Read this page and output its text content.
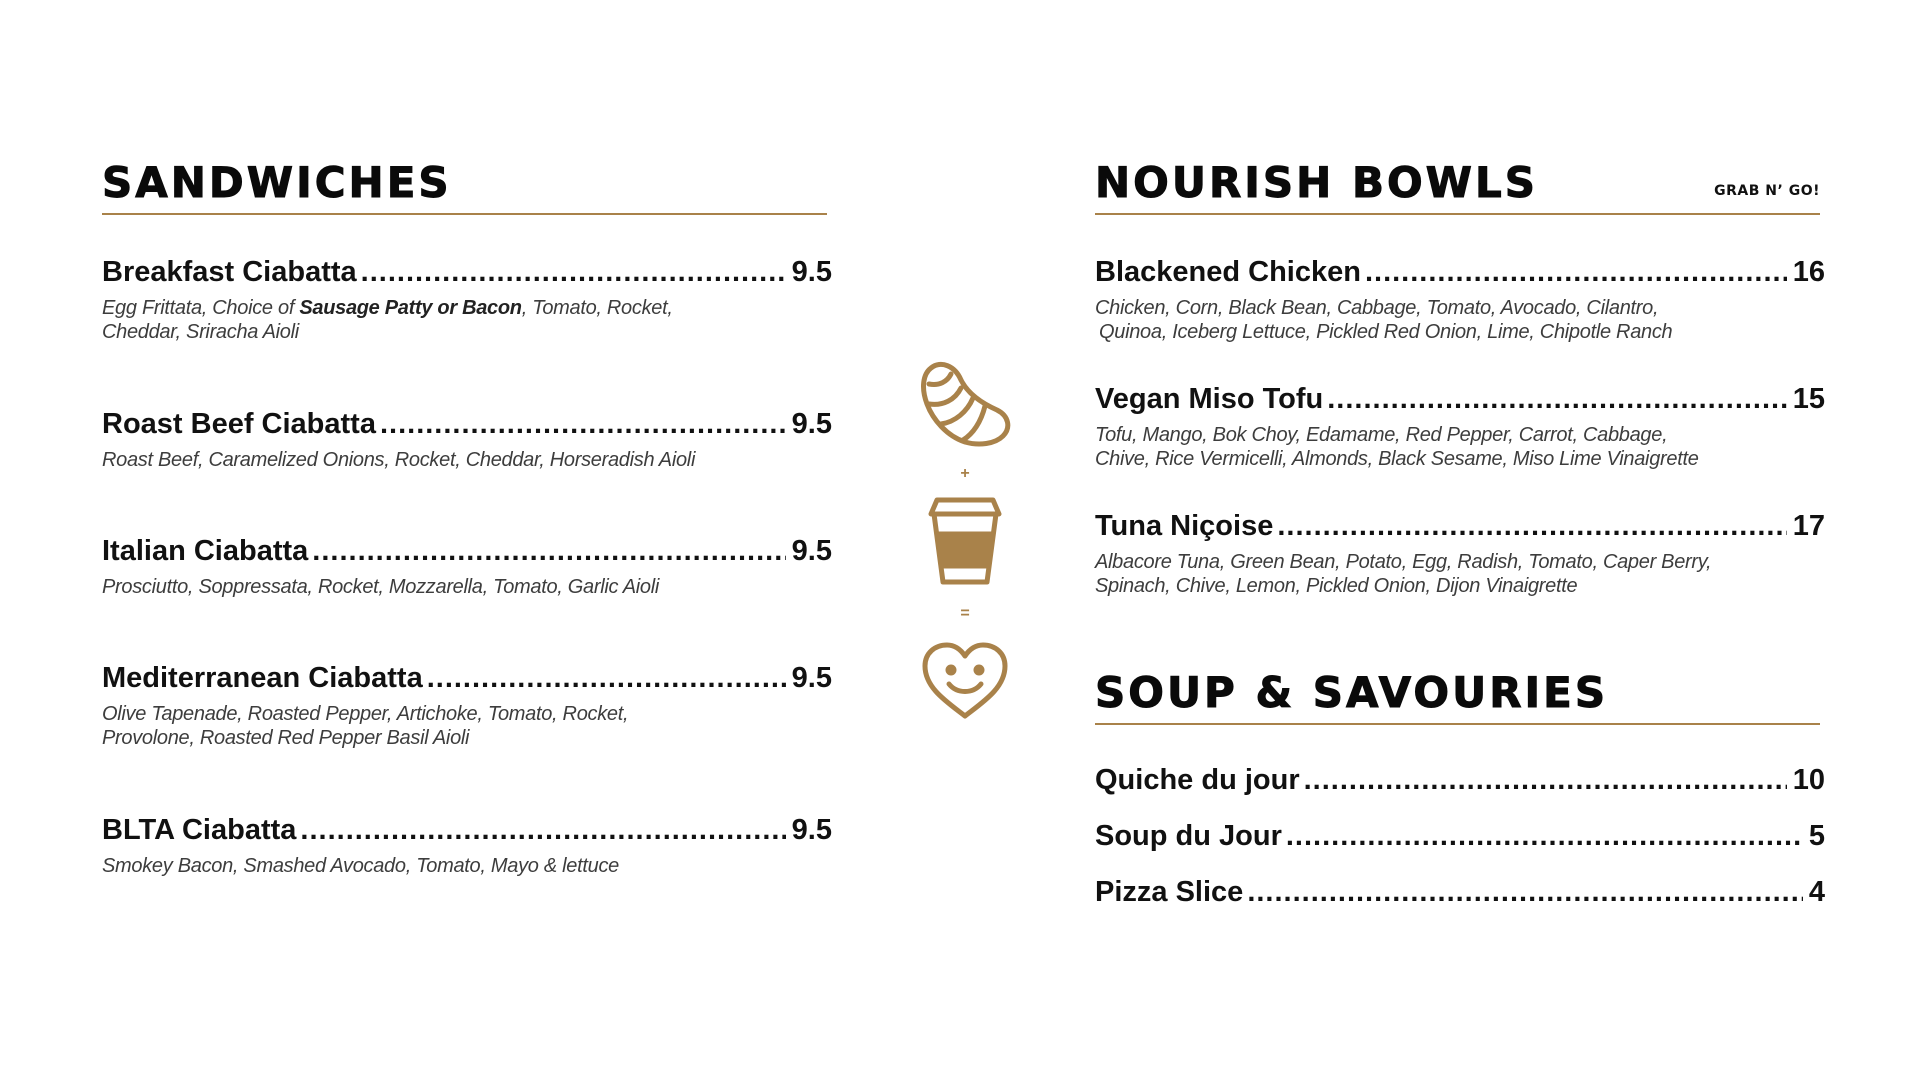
SANDWICHES
Breakfast Ciabatta .....	9.5
Egg Frittata, Choice of Sausage Patty or Bacon, Tomato, Rocket,
Cheddar, Sriracha Aioli
Roast Beef Ciabatta .....	9.5
Roast Beef, Caramelized Onions, Rocket, Cheddar, Horseradish Aioli
Italian Ciabatta .....	9.5
Prosciutto, Soppressata, Rocket, Mozzarella, Tomato, Garlic Aioli
Mediterranean Ciabatta .....	9.5
Olive Tapenade, Roasted Pepper, Artichoke, Tomato, Rocket,
Provolone, Roasted Red Pepper Basil Aioli
BLTA Ciabatta .....	9.5
Smokey Bacon, Smashed Avocado, Tomato, Mayo & lettuce
+
=
NOURISH BOWLS	GRAB N’ GO!
Blackened Chicken .....	16
Chicken, Corn, Black Bean, Cabbage, Tomato, Avocado, Cilantro,
Quinoa, Iceberg Lettuce, Pickled Red Onion, Lime, Chipotle Ranch
Vegan Miso Tofu .....	15
Tofu, Mango, Bok Choy, Edamame, Red Pepper, Carrot, Cabbage,
Chive, Rice Vermicelli, Almonds, Black Sesame, Miso Lime Vinaigrette
Tuna Niçoise .....	17
Albacore Tuna, Green Bean, Potato, Egg, Radish, Tomato, Caper Berry,
Spinach, Chive, Lemon, Pickled Onion, Dijon Vinaigrette
SOUP & SAVOURIES
Quiche du jour .....	10
Soup du Jour .....	5
Pizza Slice .....	4
